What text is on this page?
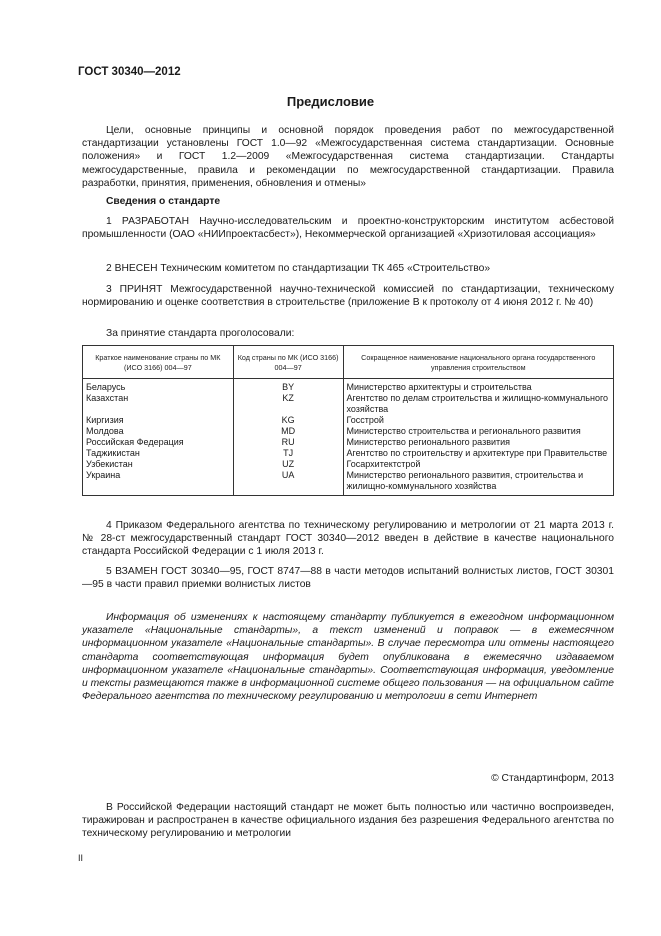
ГОСТ 30340—2012
Предисловие
Цели, основные принципы и основной порядок проведения работ по межгосударственной стандартизации установлены ГОСТ 1.0—92 «Межгосударственная система стандартизации. Основные положения» и ГОСТ 1.2—2009 «Межгосударственная система стандартизации. Стандарты межгосударственные, правила и рекомендации по межгосударственной стандартизации. Правила разработки, принятия, применения, обновления и отмены»
Сведения о стандарте
1 РАЗРАБОТАН Научно-исследовательским и проектно-конструкторским институтом асбестовой промышленности (ОАО «НИИпроектасбест»), Некоммерческой организацией «Хризотиловая ассоциация»
2 ВНЕСЕН Техническим комитетом по стандартизации ТК 465 «Строительство»
3 ПРИНЯТ Межгосударственной научно-технической комиссией по стандартизации, техническому нормированию и оценке соответствия в строительстве (приложение В к протоколу от 4 июня 2012 г. № 40)
За принятие стандарта проголосовали:
Краткое наименование страны по МК (ИСО 3166) 004—97	Код страны по МК (ИСО 3166) 004—97	Сокращенное наименование национального органа государственного управления строительством
Беларусь	BY	Министерство архитектуры и строительства
Казахстан	KZ	Агентство по делам строительства и жилищно-коммунального хозяйства
Киргизия	KG	Госстрой
Молдова	MD	Министерство строительства и регионального развития
Российская Федерация	RU	Министерство регионального развития
Таджикистан	TJ	Агентство по строительству и архитектуре при Правительстве
Узбекистан	UZ	Госархитектстрой
Украина	UA	Министерство регионального развития, строительства и жилищно-коммунального хозяйства
4 Приказом Федерального агентства по техническому регулированию и метрологии от 21 марта 2013 г. № 28-ст межгосударственный стандарт ГОСТ 30340—2012 введен в действие в качестве национального стандарта Российской Федерации с 1 июля 2013 г.
5 ВЗАМЕН ГОСТ 30340—95, ГОСТ 8747—88 в части методов испытаний волнистых листов, ГОСТ 30301—95 в части правил приемки волнистых листов
Информация об изменениях к настоящему стандарту публикуется в ежегодном информационном указателе «Национальные стандарты», а текст изменений и поправок — в ежемесячном информационном указателе «Национальные стандарты». В случае пересмотра или отмены настоящего стандарта соответствующая информация будет опубликована в ежемесячно издаваемом информационном указателе «Национальные стандарты». Соответствующая информация, уведомление и тексты размещаются также в информационной системе общего пользования — на официальном сайте Федерального агентства по техническому регулированию и метрологии в сети Интернет
© Стандартинформ, 2013
В Российской Федерации настоящий стандарт не может быть полностью или частично воспроизведен, тиражирован и распространен в качестве официального издания без разрешения Федерального агентства по техническому регулированию и метрологии
II
